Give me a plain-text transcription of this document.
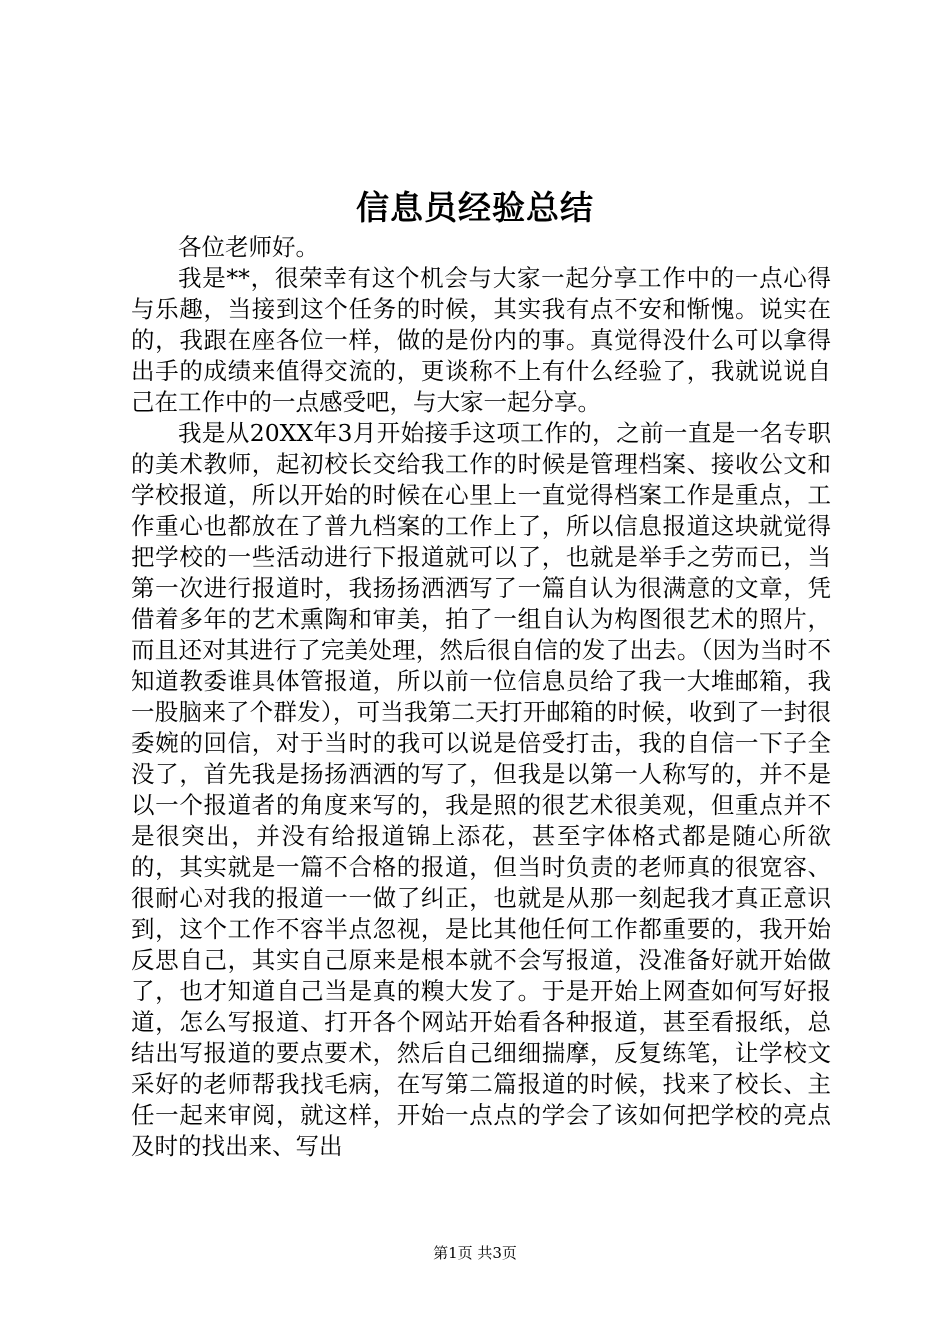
信息员经验总结

各位老师好。

我是**，很荣幸有这个机会与大家一起分享工作中的一点心得与乐趣，当接到这个任务的时候，其实我有点不安和惭愧。说实在的，我跟在座各位一样，做的是份内的事。真觉得没什么可以拿得出手的成绩来值得交流的，更谈称不上有什么经验了，我就说说自己在工作中的一点感受吧，与大家一起分享。

我是从20XX年3月开始接手这项工作的，之前一直是一名专职的美术教师，起初校长交给我工作的时候是管理档案、接收公文和学校报道，所以开始的时候在心里上一直觉得档案工作是重点，工作重心也都放在了普九档案的工作上了，所以信息报道这块就觉得把学校的一些活动进行下报道就可以了，也就是举手之劳而已，当第一次进行报道时，我扬扬洒洒写了一篇自认为很满意的文章，凭借着多年的艺术熏陶和审美，拍了一组自认为构图很艺术的照片，而且还对其进行了完美处理，然后很自信的发了出去。（因为当时不知道教委谁具体管报道，所以前一位信息员给了我一大堆邮箱，我一股脑来了个群发），可当我第二天打开邮箱的时候，收到了一封很委婉的回信，对于当时的我可以说是倍受打击，我的自信一下子全没了，首先我是扬扬洒洒的写了，但我是以第一人称写的，并不是以一个报道者的角度来写的，我是照的很艺术很美观，但重点并不是很突出，并没有给报道锦上添花，甚至字体格式都是随心所欲的，其实就是一篇不合格的报道，但当时负责的老师真的很宽容、很耐心对我的报道一一做了纠正，也就是从那一刻起我才真正意识到，这个工作不容半点忽视，是比其他任何工作都重要的，我开始反思自己，其实自己原来是根本就不会写报道，没准备好就开始做了，也才知道自己当是真的糗大发了。于是开始上网查如何写好报道，怎么写报道、打开各个网站开始看各种报道，甚至看报纸，总结出写报道的要点要术，然后自己细细揣摩，反复练笔，让学校文采好的老师帮我找毛病，在写第二篇报道的时候，找来了校长、主任一起来审阅，就这样，开始一点点的学会了该如何把学校的亮点及时的找出来、写出

第1页 共3页
